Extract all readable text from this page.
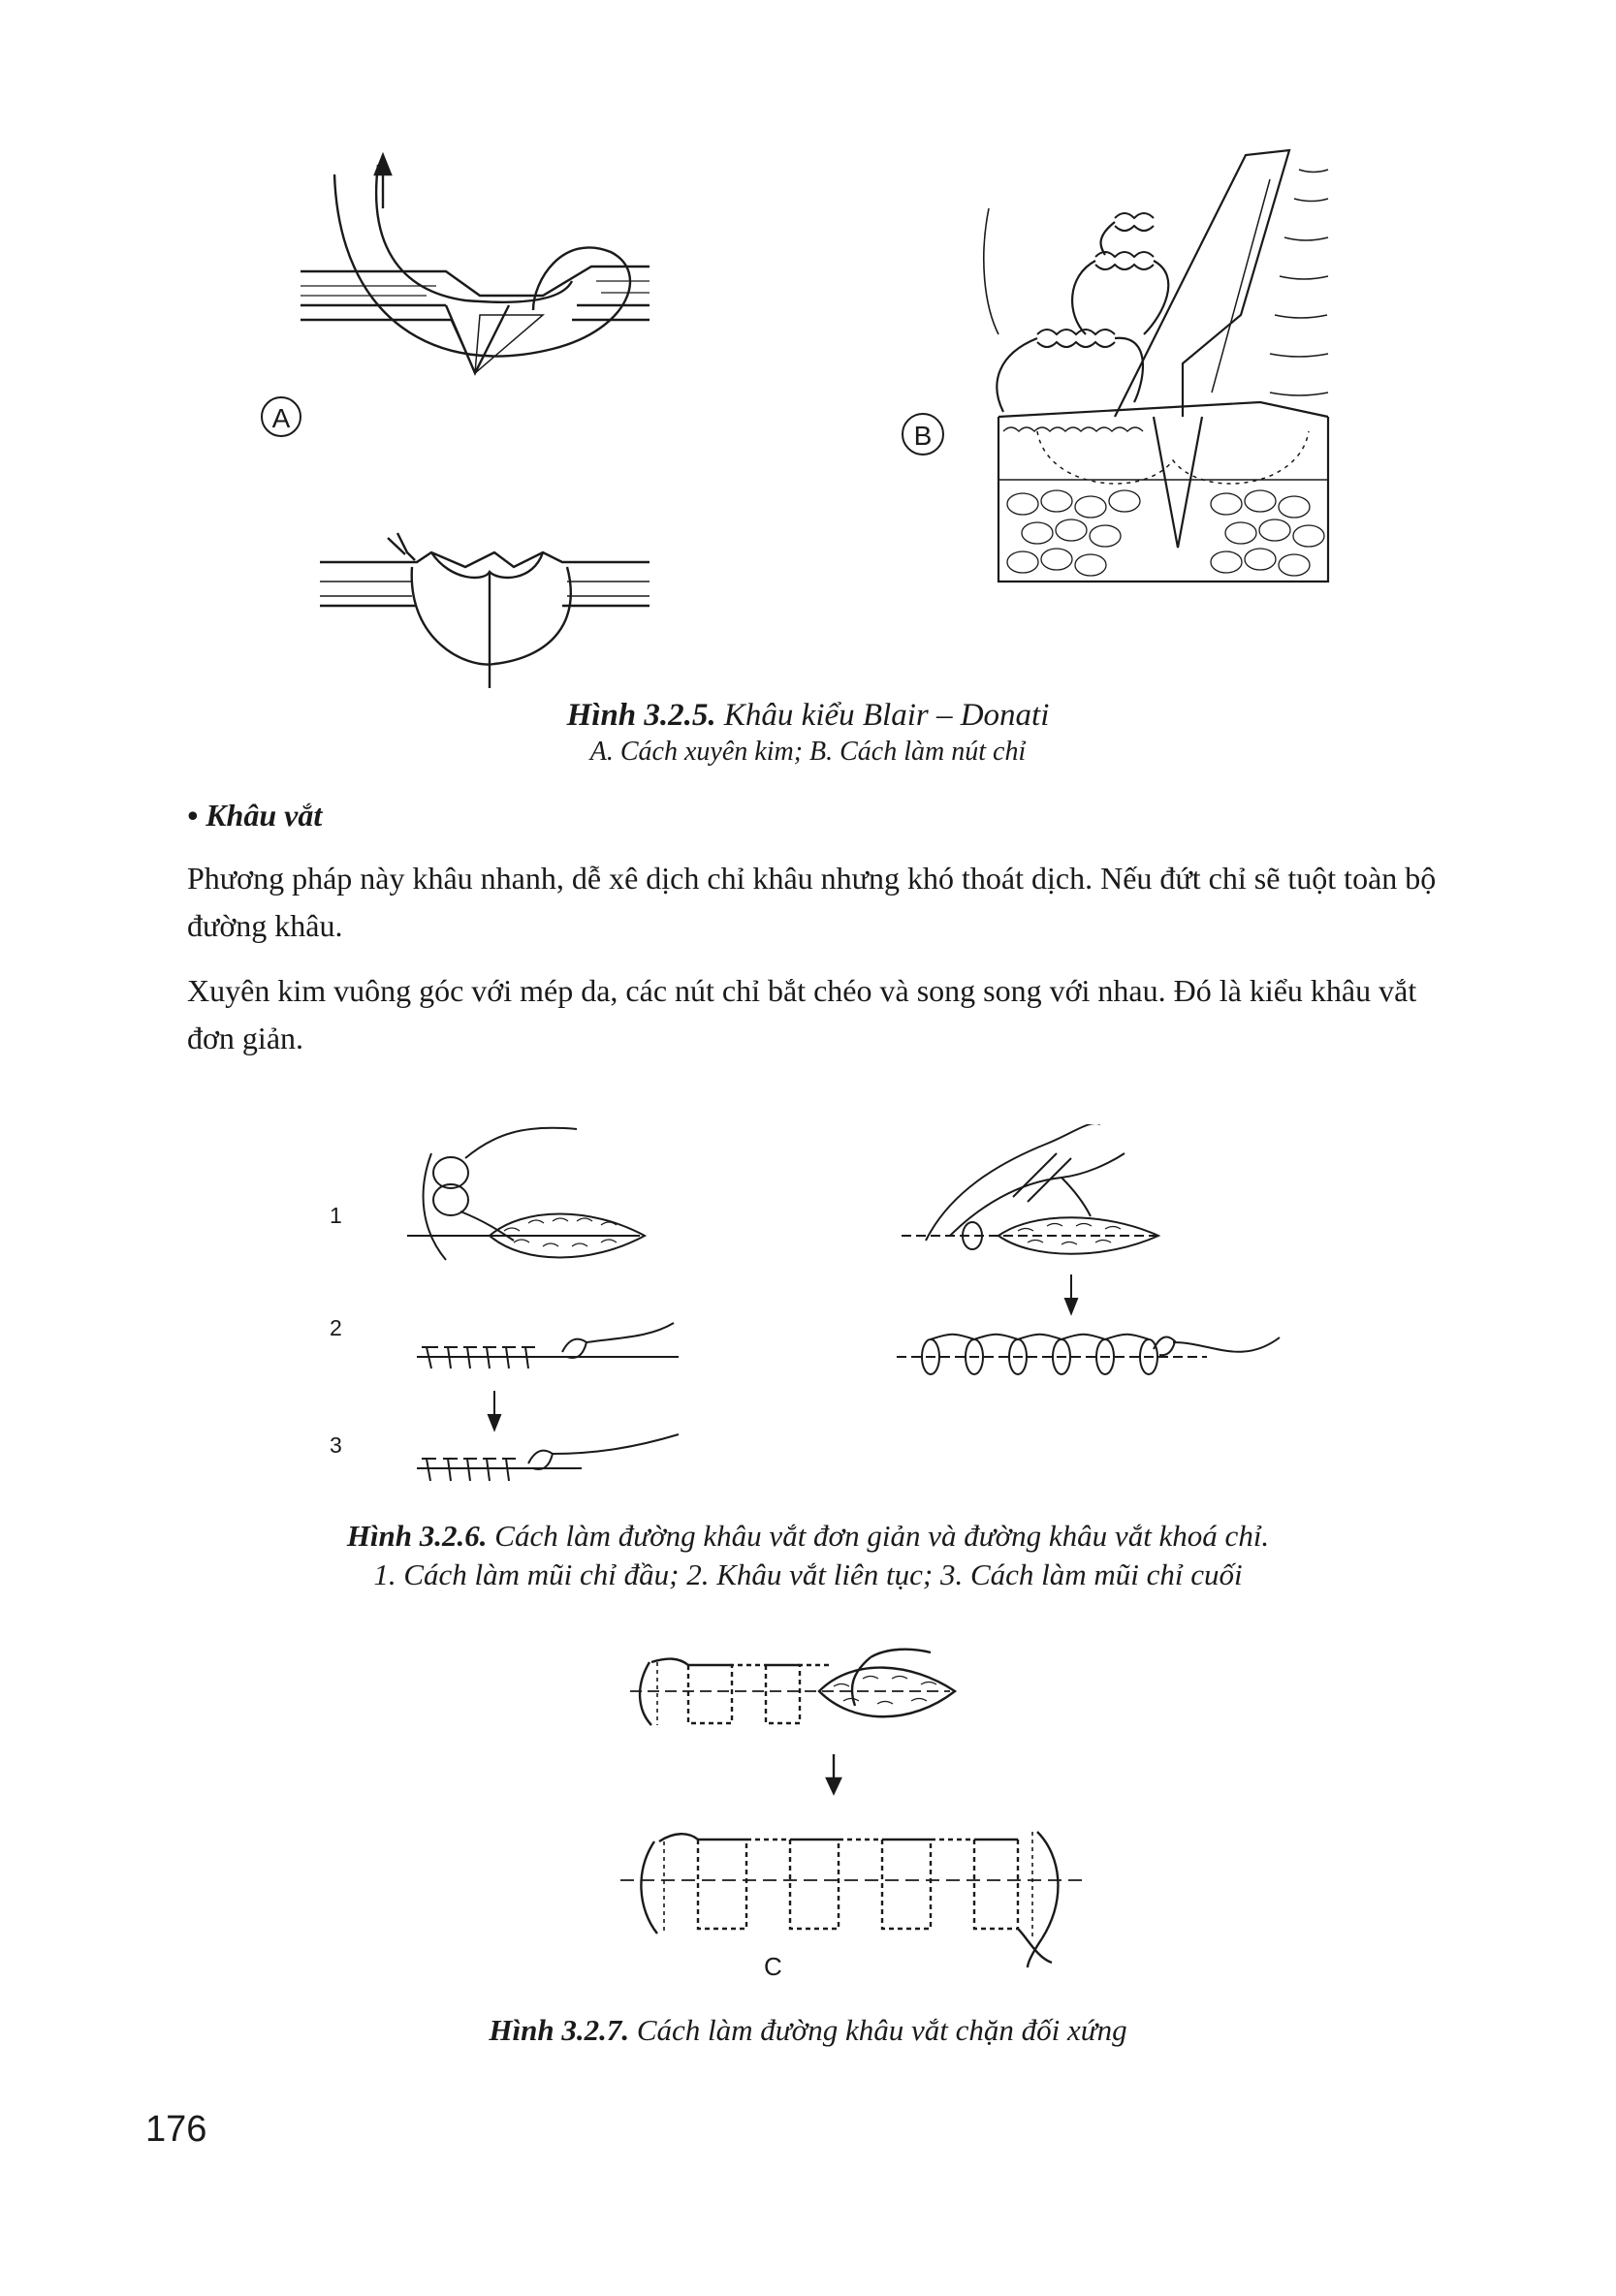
A
B
Hình 3.2.5. Khâu kiểu Blair – Donati
A. Cách xuyên kim; B. Cách làm nút chỉ
• Khâu vắt
Phương pháp này khâu nhanh, dễ xê dịch chỉ khâu nhưng khó thoát dịch. Nếu đứt chỉ sẽ tuột toàn bộ đường khâu.
Xuyên kim vuông góc với mép da, các nút chỉ bắt chéo và song song với nhau. Đó là kiểu khâu vắt đơn giản.
1
2
3
Hình 3.2.6. Cách làm đường khâu vắt đơn giản và đường khâu vắt khoá chỉ.
1. Cách làm mũi chỉ đầu; 2. Khâu vắt liên tục; 3. Cách làm mũi chỉ cuối
C
Hình 3.2.7. Cách làm đường khâu vắt chặn đối xứng
176
